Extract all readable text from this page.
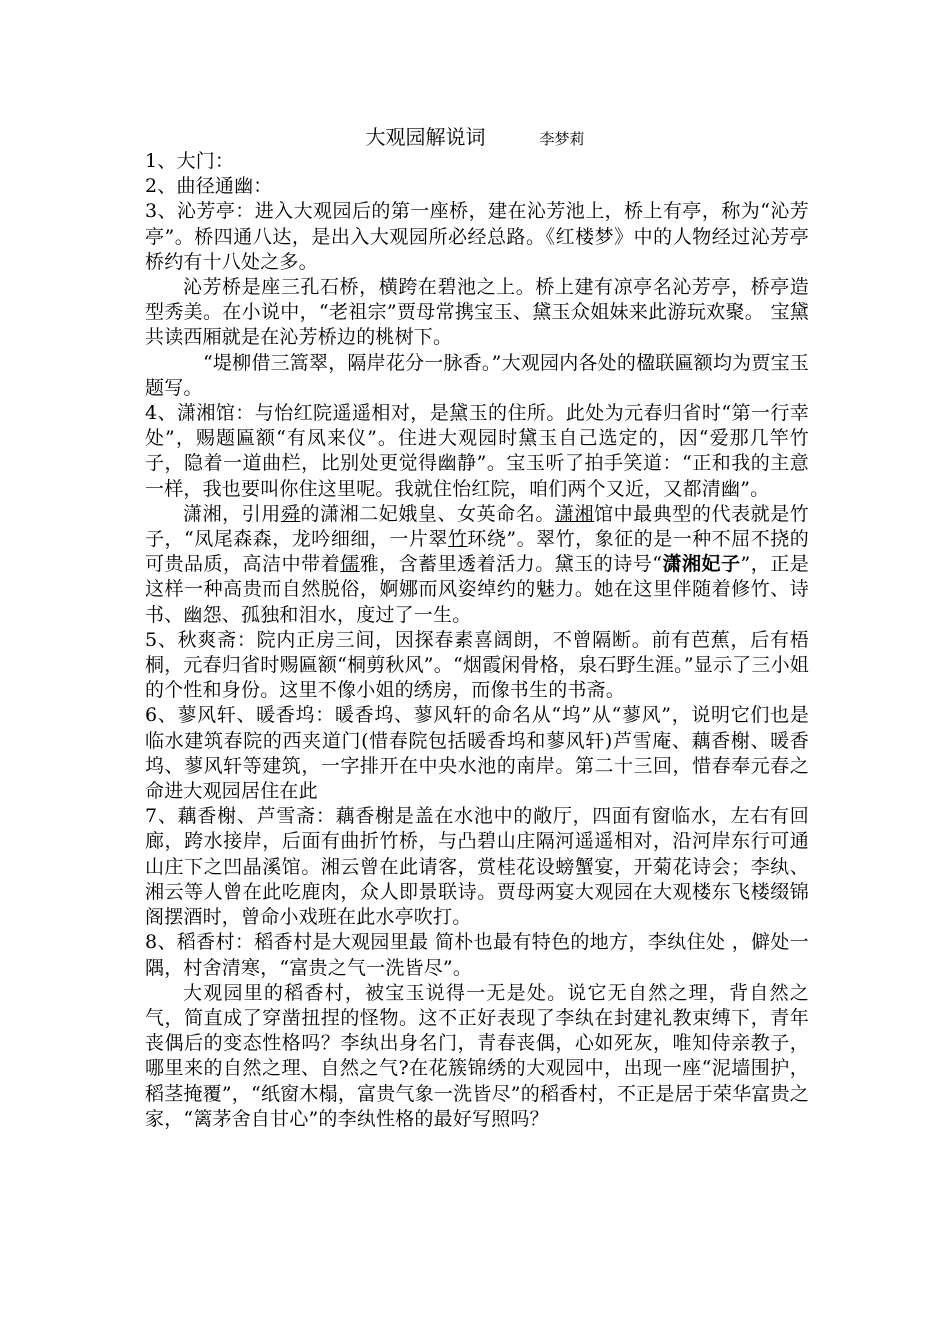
大观园解说词	李梦莉

1、大门：

2、曲径通幽：

3、沁芳亭：进入大观园后的第一座桥，建在沁芳池上，桥上有亭，称为“沁芳亭”。桥四通八达，是出入大观园所必经总路。《红楼梦》中的人物经过沁芳亭桥约有十八处之多。

沁芳桥是座三孔石桥，横跨在碧池之上。桥上建有凉亭名沁芳亭，桥亭造型秀美。在小说中，“老祖宗”贾母常携宝玉、黛玉众姐妹来此游玩欢聚。 宝黛共读西厢就是在沁芳桥边的桃树下。

“堤柳借三篙翠，隔岸花分一脉香。”大观园内各处的楹联匾额均为贾宝玉题写。

4、潇湘馆：与怡红院遥遥相对，是黛玉的住所。此处为元春归省时“第一行幸处”，赐题匾额“有凤来仪”。住进大观园时黛玉自己选定的，因“爱那几竿竹子，隐着一道曲栏，比别处更觉得幽静”。宝玉听了拍手笑道：“正和我的主意一样，我也要叫你住这里呢。我就住怡红院，咱们两个又近，又都清幽”。

潇湘，引用舜的潇湘二妃娥皇、女英命名。潇湘馆中最典型的代表就是竹子，“凤尾森森，龙吟细细，一片翠竹环绕”。翠竹，象征的是一种不屈不挠的可贵品质，高洁中带着儒雅，含蓄里透着活力。黛玉的诗号“潇湘妃子”，正是这样一种高贵而自然脱俗，婀娜而风姿绰约的魅力。她在这里伴随着修竹、诗书、幽怨、孤独和泪水，度过了一生。

5、秋爽斋：院内正房三间，因探春素喜阔朗，不曾隔断。前有芭蕉，后有梧桐，元春归省时赐匾额“桐剪秋风”。“烟霞闲骨格，泉石野生涯。”显示了三小姐的个性和身份。这里不像小姐的绣房，而像书生的书斋。

6、蓼风轩、暖香坞：暖香坞、蓼风轩的命名从“坞”从“蓼风”，说明它们也是临水建筑春院的西夹道门(惜春院包括暖香坞和蓼风轩)芦雪庵、藕香榭、暖香坞、蓼风轩等建筑，一字排开在中央水池的南岸。第二十三回，惜春奉元春之命进大观园居住在此

7、藕香榭、芦雪斋：藕香榭是盖在水池中的敞厅，四面有窗临水，左右有回廊，跨水接岸，后面有曲折竹桥，与凸碧山庄隔河遥遥相对，沿河岸东行可通山庄下之凹晶溪馆。湘云曾在此请客，赏桂花设螃蟹宴，开菊花诗会；李纨、湘云等人曾在此吃鹿肉，众人即景联诗。贾母两宴大观园在大观楼东飞楼缀锦阁摆酒时，曾命小戏班在此水亭吹打。

8、稻香村：稻香村是大观园里最 简朴也最有特色的地方，李纨住处 ，僻处一隅，村舍清寒，“富贵之气一洗皆尽”。

大观园里的稻香村，被宝玉说得一无是处。说它无自然之理，背自然之气，简直成了穿凿扭捏的怪物。这不正好表现了李纨在封建礼教束缚下，青年丧偶后的变态性格吗？李纨出身名门，青春丧偶，心如死灰，唯知侍亲教子，哪里来的自然之理、自然之气?在花簇锦绣的大观园中，出现一座“泥墙围护，稻茎掩覆”，“纸窗木榻，富贵气象一洗皆尽”的稻香村，不正是居于荣华富贵之家，“篱茅舍自甘心”的李纨性格的最好写照吗？
